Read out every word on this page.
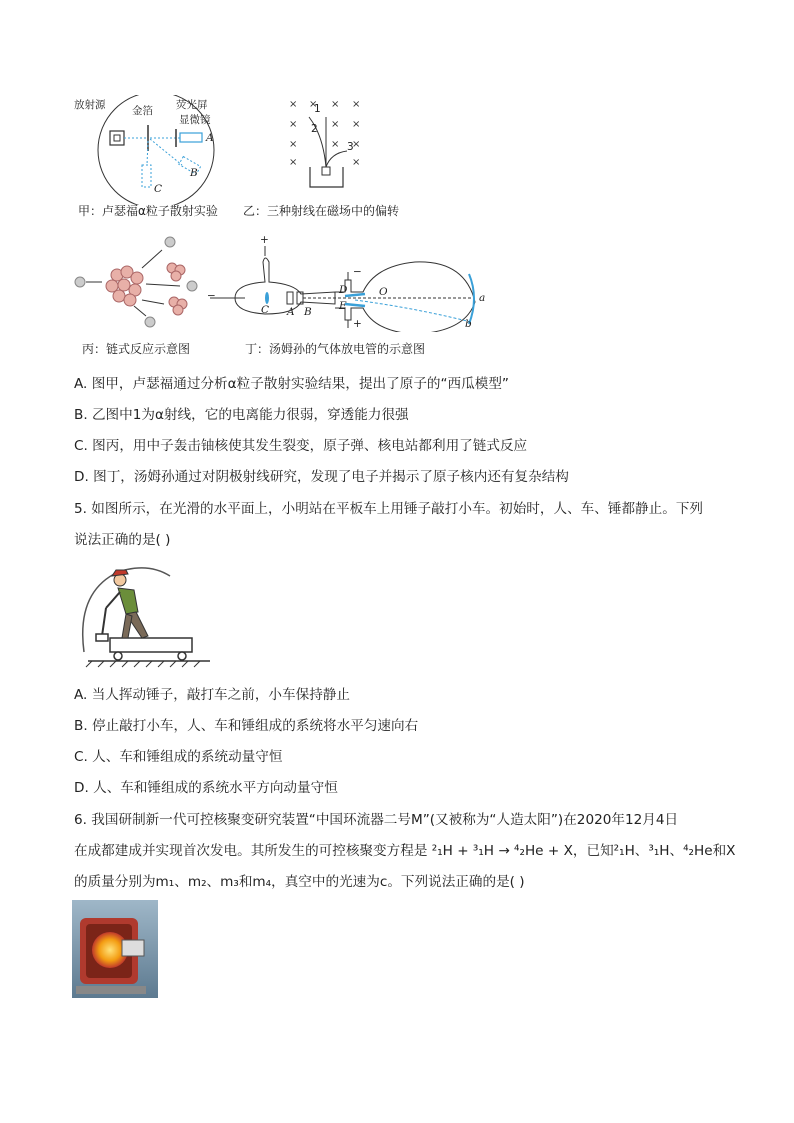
放射源	金箔 荧光屏
显微镜
A
B
C
甲：卢瑟福α粒子散射实验
× × × ×
×	× ×
×	× ×
×	×
1
2
3
乙：三种射线在磁场中的偏转
丙：链式反应示意图
+
−
−
+
C A B
D
E
O	a
b
丁：汤姆孙的气体放电管的示意图
A. 图甲，卢瑟福通过分析α粒子散射实验结果，提出了原子的“西瓜模型”
B. 乙图中1为α射线，它的电离能力很弱，穿透能力很强
C. 图丙，用中子轰击铀核使其发生裂变，原子弹、核电站都利用了链式反应
D. 图丁，汤姆孙通过对阴极射线研究，发现了电子并揭示了原子核内还有复杂结构
5. 如图所示，在光滑的水平面上，小明站在平板车上用锤子敲打小车。初始时，人、车、锤都静止。下列
说法正确的是( )
A. 当人挥动锤子，敲打车之前，小车保持静止
B. 停止敲打小车，人、车和锤组成的系统将水平匀速向右
C. 人、车和锤组成的系统动量守恒
D. 人、车和锤组成的系统水平方向动量守恒
6. 我国研制新一代可控核聚变研究装置“中国环流器二号M”(又被称为“人造太阳”)在2020年12月4日
在成都建成并实现首次发电。其所发生的可控核聚变方程是 ²₁H + ³₁H → ⁴₂He + X，已知²₁H、³₁H、⁴₂He和X
的质量分别为m₁、m₂、m₃和m₄，真空中的光速为c。下列说法正确的是( )
